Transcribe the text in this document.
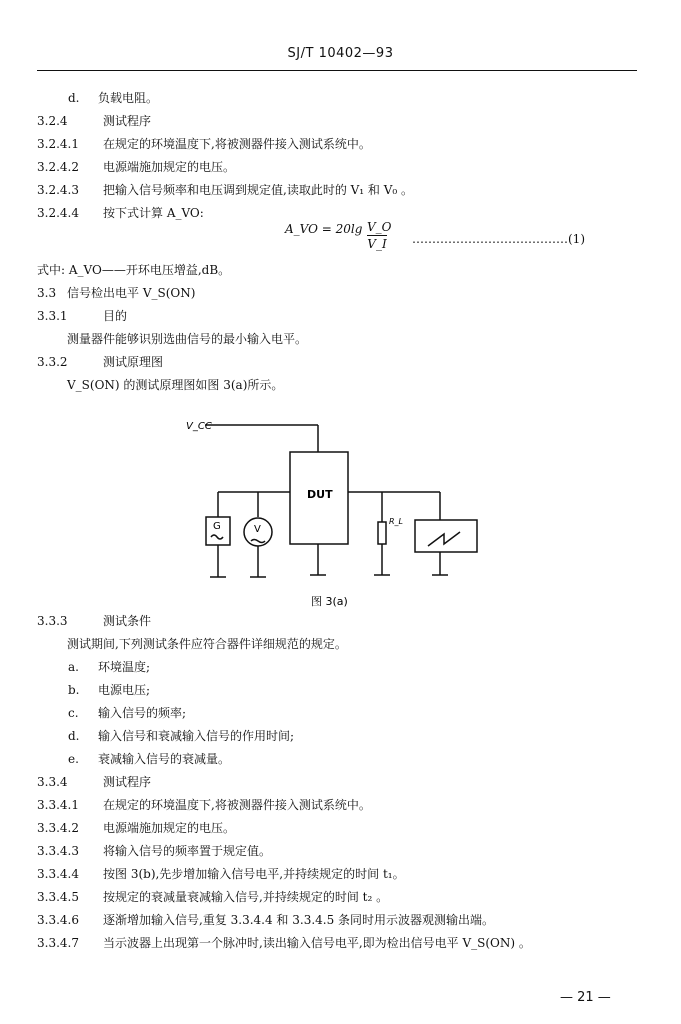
SJ/T 10402—93
d. 负载电阻。
3.2.4	测试程序
3.2.4.1 在规定的环境温度下,将被测器件接入测试系统中。
3.2.4.2 电源端施加规定的电压。
3.2.4.3 把输入信号频率和电压调到规定值,读取此时的 V₁ 和 V₀ 。
3.2.4.4 按下式计算 A_VO:
式中: A_VO——开环电压增益,dB。
3.3 信号检出电平 V_S(ON)
3.3.1	目的
测量器件能够识别选曲信号的最小输入电平。
3.3.2	测试原理图
V_S(ON) 的测试原理图如图 3(a)所示。
3.3.3	测试条件
测试期间,下列测试条件应符合器件详细规范的规定。
a. 环境温度;
b. 电源电压;
c. 输入信号的频率;
d. 输入信号和衰减输入信号的作用时间;
e. 衰减输入信号的衰减量。
3.3.4	测试程序
3.3.4.1 在规定的环境温度下,将被测器件接入测试系统中。
3.3.4.2 电源端施加规定的电压。
3.3.4.3 将输入信号的频率置于规定值。
3.3.4.4 按图 3(b),先步增加输入信号电平,并持续规定的时间 t₁。
3.3.4.5 按规定的衰减量衰减输入信号,并持续规定的时间 t₂ 。
3.3.4.6 逐渐增加输入信号,重复 3.3.4.4 和 3.3.4.5 条同时用示波器观测输出端。
3.3.4.7 当示波器上出现第一个脉冲时,读出输入信号电平,即为检出信号电平 V_S(ON) 。
A_VO = 20lg V_O
V_I …………………………………(1)
V_CC
DUT
G	V
R_L
图 3(a)
— 21 —
